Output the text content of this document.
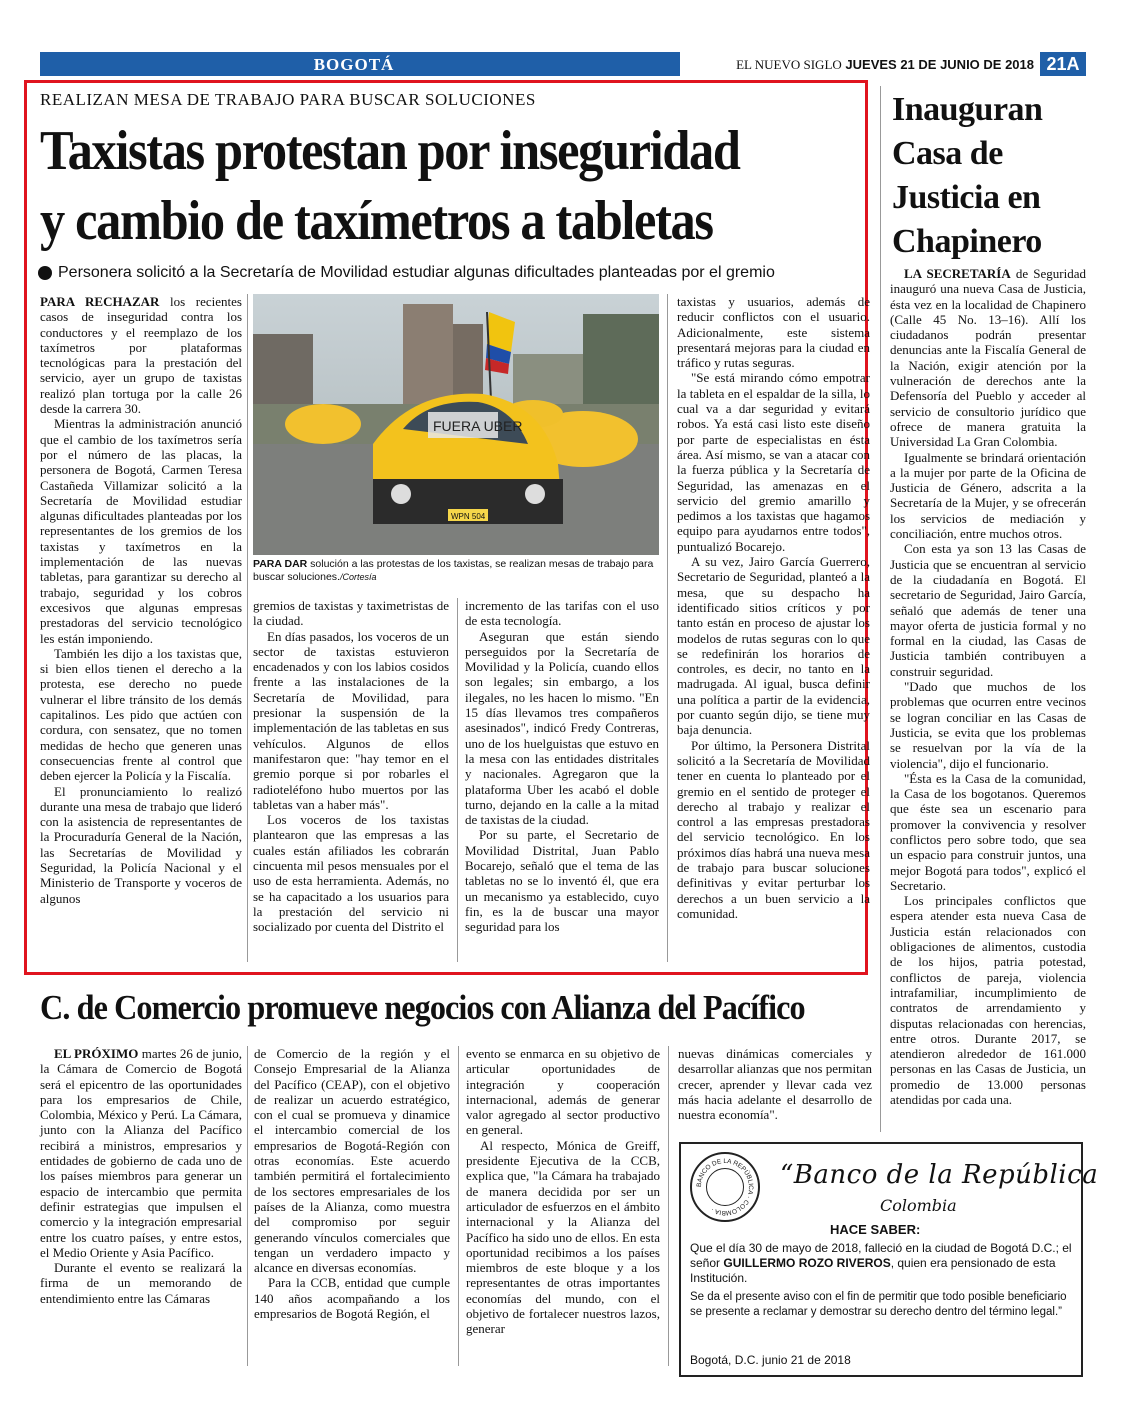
BOGOTÁ	EL NUEVO SIGLO JUEVES 21 DE JUNIO DE 2018 21A
REALIZAN MESA DE TRABAJO PARA BUSCAR SOLUCIONES
Taxistas protestan por inseguridad
y cambio de taxímetros a tabletas
Personera solicitó a la Secretaría de Movilidad estudiar algunas dificultades planteadas por el gremio

PARA RECHAZAR los recientes casos de inseguridad contra los conductores y el reemplazo de los taxímetros por plataformas tecnológicas para la prestación del servicio, ayer un grupo de taxistas realizó plan tortuga por la calle 26 desde la carrera 30.

Mientras la administración anunció que el cambio de los taxímetros sería por el número de las placas, la personera de Bogotá, Carmen Teresa Castañeda Villamizar solicitó a la Secretaría de Movilidad estudiar algunas dificultades planteadas por los representantes de los gremios de los taxistas y taxímetros en la implementación de las nuevas tabletas, para garantizar su derecho al trabajo, seguridad y los cobros excesivos que algunas empresas prestadoras del servicio tecnológico les están imponiendo.

También les dijo a los taxistas que, si bien ellos tienen el derecho a la protesta, ese derecho no puede vulnerar el libre tránsito de los demás capitalinos. Les pido que actúen con cordura, con sensatez, que no tomen medidas de hecho que generen unas consecuencias frente al control que deben ejercer la Policía y la Fiscalía.

El pronunciamiento lo realizó durante una mesa de trabajo que lideró con la asistencia de representantes de la Procuraduría General de la Nación, las Secretarías de Movilidad y Seguridad, la Policía Nacional y el Ministerio de Transporte y voceros de algunos

FUERA UBER
WPN 504
PARA DAR solución a las protestas de los taxistas, se realizan mesas de trabajo para buscar soluciones./Cortesía

gremios de taxistas y taximetristas de la ciudad.

En días pasados, los voceros de un sector de taxistas estuvieron encadenados y con los labios cosidos frente a las instalaciones de la Secretaría de Movilidad, para presionar la suspensión de la implementación de las tabletas en sus vehículos. Algunos de ellos manifestaron que: "hay temor en el gremio porque si por robarles el radioteléfono hubo muertos por las tabletas van a haber más".

Los voceros de los taxistas plantearon que las empresas a las cuales están afiliados les cobrarán cincuenta mil pesos mensuales por el uso de esta herramienta. Además, no se ha capacitado a los usuarios para la prestación del servicio ni socializado por cuenta del Distrito el

incremento de las tarifas con el uso de esta tecnología.

Aseguran que están siendo perseguidos por la Secretaría de Movilidad y la Policía, cuando ellos son legales; sin embargo, a los ilegales, no les hacen lo mismo. "En 15 días llevamos tres compañeros asesinados", indicó Fredy Contreras, uno de los huelguistas que estuvo en la mesa con las entidades distritales y nacionales. Agregaron que la plataforma Uber les acabó el doble turno, dejando en la calle a la mitad de taxistas de la ciudad.

Por su parte, el Secretario de Movilidad Distrital, Juan Pablo Bocarejo, señaló que el tema de las tabletas no se lo inventó él, que era un mecanismo ya establecido, cuyo fin, es la de buscar una mayor seguridad para los

taxistas y usuarios, además de reducir conflictos con el usuario. Adicionalmente, este sistema presentará mejoras para la ciudad en tráfico y rutas seguras.

"Se está mirando cómo empotrar la tableta en el espaldar de la silla, lo cual va a dar seguridad y evitará robos. Ya está casi listo este diseño por parte de especialistas en ésta área. Así mismo, se van a atacar con la fuerza pública y la Secretaría de Seguridad, las amenazas en el servicio del gremio amarillo y pedimos a los taxistas que hagamos equipo para ayudarnos entre todos", puntualizó Bocarejo.

A su vez, Jairo García Guerrero, Secretario de Seguridad, planteó a la mesa, que su despacho ha identificado sitios críticos y por tanto están en proceso de ajustar los modelos de rutas seguras con lo que se redefinirán los horarios de controles, es decir, no tanto en la madrugada. Al igual, busca definir una política a partir de la evidencia, por cuanto según dijo, se tiene muy baja denuncia.

Por último, la Personera Distrital solicitó a la Secretaría de Movilidad tener en cuenta lo planteado por el gremio en el sentido de proteger el derecho al trabajo y realizar el control a las empresas prestadoras del servicio tecnológico. En los próximos días habrá una nueva mesa de trabajo para buscar soluciones definitivas y evitar perturbar los derechos a un buen servicio a la comunidad.

Inauguran
Casa de
Justicia en
Chapinero

LA SECRETARÍA de Seguridad inauguró una nueva Casa de Justicia, ésta vez en la localidad de Chapinero (Calle 45 No. 13–16). Allí los ciudadanos podrán presentar denuncias ante la Fiscalía General de la Nación, exigir atención por la vulneración de derechos ante la Defensoría del Pueblo y acceder al servicio de consultorio jurídico que ofrece de manera gratuita la Universidad La Gran Colombia.

Igualmente se brindará orientación a la mujer por parte de la Oficina de Justicia de Género, adscrita a la Secretaría de la Mujer, y se ofrecerán los servicios de mediación y conciliación, entre muchos otros.

Con esta ya son 13 las Casas de Justicia que se encuentran al servicio de la ciudadanía en Bogotá. El secretario de Seguridad, Jairo García, señaló que además de tener una mayor oferta de justicia formal y no formal en la ciudad, las Casas de Justicia también contribuyen a construir seguridad.

"Dado que muchos de los problemas que ocurren entre vecinos se logran conciliar en las Casas de Justicia, se evita que los problemas se resuelvan por la vía de la violencia", dijo el funcionario.

"Ésta es la Casa de la comunidad, la Casa de los bogotanos. Queremos que éste sea un escenario para promover la convivencia y resolver conflictos pero sobre todo, que sea un espacio para construir juntos, una mejor Bogotá para todos", explicó el Secretario.

Los principales conflictos que espera atender esta nueva Casa de Justicia están relacionados con obligaciones de alimentos, custodia de los hijos, patria potestad, conflictos de pareja, violencia intrafamiliar, incumplimiento de contratos de arrendamiento y disputas relacionadas con herencias, entre otros. Durante 2017, se atendieron alrededor de 161.000 personas en las Casas de Justicia, un promedio de 13.000 personas atendidas por cada una.

C. de Comercio promueve negocios con Alianza del Pacífico

EL PRÓXIMO martes 26 de junio, la Cámara de Comercio de Bogotá será el epicentro de las oportunidades para los empresarios de Chile, Colombia, México y Perú. La Cámara, junto con la Alianza del Pacífico recibirá a ministros, empresarios y entidades de gobierno de cada uno de los países miembros para generar un espacio de intercambio que permita definir estrategias que impulsen el comercio y la integración empresarial entre los cuatro países, y entre estos, el Medio Oriente y Asia Pacífico.

Durante el evento se realizará la firma de un memorando de entendimiento entre las Cámaras

de Comercio de la región y el Consejo Empresarial de la Alianza del Pacífico (CEAP), con el objetivo de realizar un acuerdo estratégico, con el cual se promueva y dinamice el intercambio comercial de los empresarios de Bogotá-Región con otras economías. Este acuerdo también permitirá el fortalecimiento de los sectores empresariales de los países de la Alianza, como muestra del compromiso por seguir generando vínculos comerciales que tengan un verdadero impacto y alcance en diversas economías.

Para la CCB, entidad que cumple 140 años acompañando a los empresarios de Bogotá Región, el

evento se enmarca en su objetivo de articular oportunidades de integración y cooperación internacional, además de generar valor agregado al sector productivo en general.

Al respecto, Mónica de Greiff, presidente Ejecutiva de la CCB, explica que, "la Cámara ha trabajado de manera decidida por ser un articulador de esfuerzos en el ámbito internacional y la Alianza del Pacífico ha sido uno de ellos. En esta oportunidad recibimos a los países miembros de este bloque y a los representantes de otras importantes economías del mundo, con el objetivo de fortalecer nuestros lazos, generar

nuevas dinámicas comerciales y desarrollar alianzas que nos permitan crecer, aprender y llevar cada vez más hacia adelante el desarrollo de nuestra economía".

BANCO DE LA REPÚBLICA · COLOMBIA ·
“Banco de la República
Colombia
HACE SABER:
Que el día 30 de mayo de 2018, falleció en la ciudad de Bogotá D.C.; el señor GUILLERMO ROZO RIVEROS, quien era pensionado de esta Institución.
Se da el presente aviso con el fin de permitir que todo posible beneficiario se presente a reclamar y demostrar su derecho dentro del término legal.”
Bogotá, D.C. junio 21 de 2018
